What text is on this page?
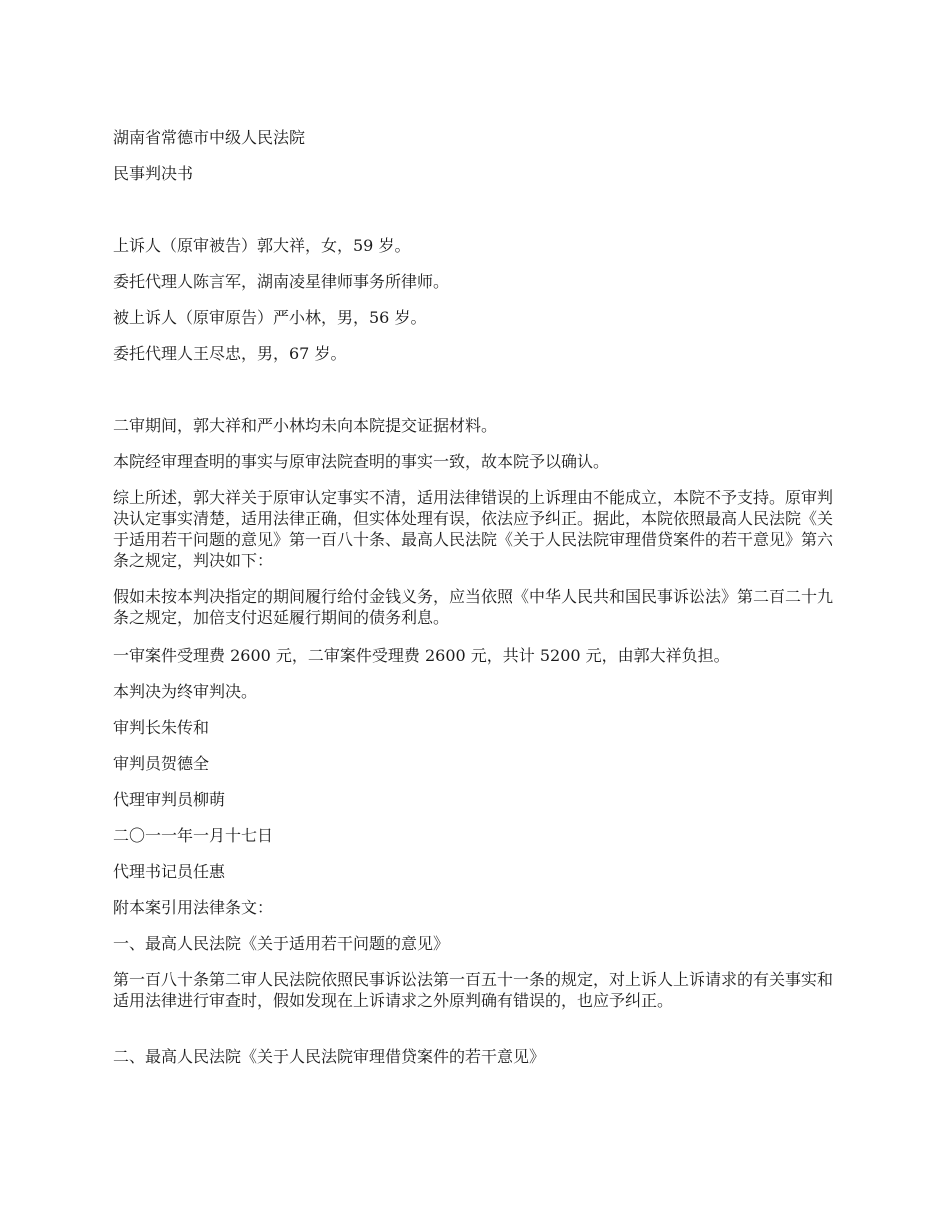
湖南省常德市中级人民法院

民事判决书

上诉人（原审被告）郭大祥，女，59 岁。

委托代理人陈言军，湖南凌星律师事务所律师。

被上诉人（原审原告）严小林，男，56 岁。

委托代理人王尽忠，男，67 岁。

二审期间，郭大祥和严小林均未向本院提交证据材料。

本院经审理查明的事实与原审法院查明的事实一致，故本院予以确认。

综上所述，郭大祥关于原审认定事实不清，适用法律错误的上诉理由不能成立，本院不予支持。原审判决认定事实清楚，适用法律正确，但实体处理有误，依法应予纠正。据此，本院依照最高人民法院《关于适用若干问题的意见》第一百八十条、最高人民法院《关于人民法院审理借贷案件的若干意见》第六条之规定，判决如下：

假如未按本判决指定的期间履行给付金钱义务，应当依照《中华人民共和国民事诉讼法》第二百二十九条之规定，加倍支付迟延履行期间的债务利息。

一审案件受理费 2600 元，二审案件受理费 2600 元，共计 5200 元，由郭大祥负担。

本判决为终审判决。

审判长朱传和

审判员贺德全

代理审判员柳萌

二〇一一年一月十七日

代理书记员任惠

附本案引用法律条文：

一、最高人民法院《关于适用若干问题的意见》

第一百八十条第二审人民法院依照民事诉讼法第一百五十一条的规定，对上诉人上诉请求的有关事实和适用法律进行审查时，假如发现在上诉请求之外原判确有错误的，也应予纠正。

二、最高人民法院《关于人民法院审理借贷案件的若干意见》
